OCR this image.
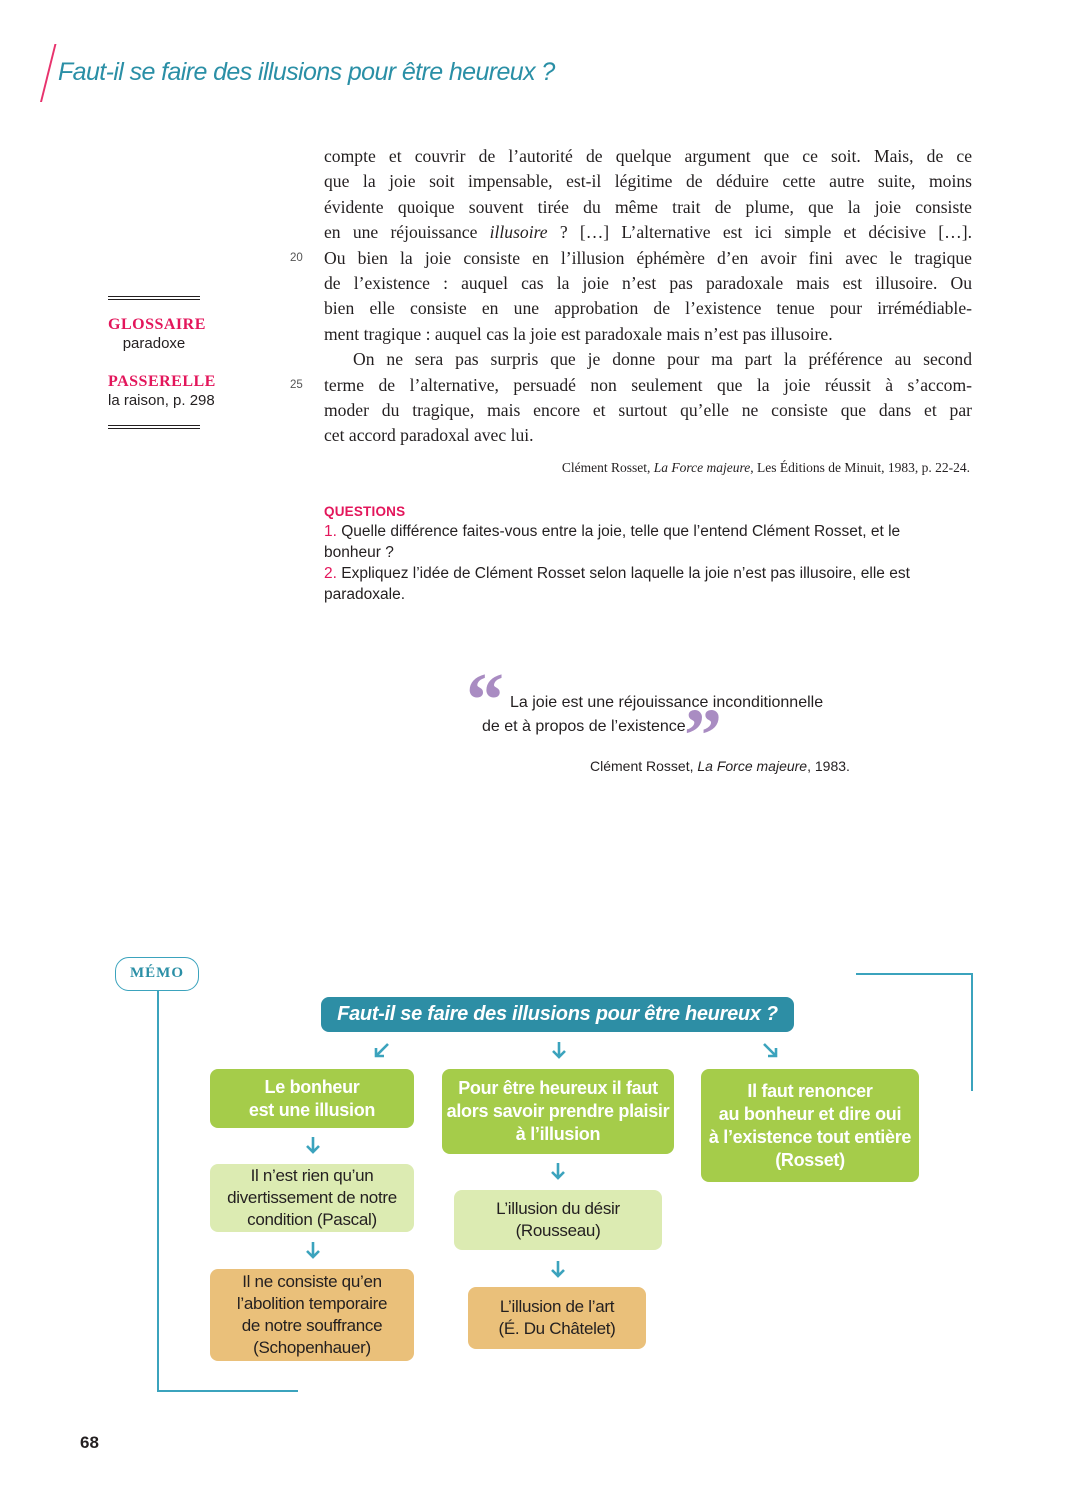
Faut-il se faire des illusions pour être heureux ?
GLOSSAIRE
paradoxe
PASSERELLE
la raison, p. 298
20
25
compte et couvrir de l’autorité de quelque argument que ce soit. Mais, de ce
que la joie soit impensable, est-il légitime de déduire cette autre suite, moins
évidente quoique souvent tirée du même trait de plume, que la joie consiste
en une réjouissance illusoire ? […] L’alternative est ici simple et décisive […].
Ou bien la joie consiste en l’illusion éphémère d’en avoir fini avec le tragique
de l’existence : auquel cas la joie n’est pas paradoxale mais est illusoire. Ou
bien elle consiste en une approbation de l’existence tenue pour irrémédiable-
ment tragique : auquel cas la joie est paradoxale mais n’est pas illusoire.
On ne sera pas surpris que je donne pour ma part la préférence au second
terme de l’alternative, persuadé non seulement que la joie réussit à s’accom-
moder du tragique, mais encore et surtout qu’elle ne consiste que dans et par
cet accord paradoxal avec lui.

Clément Rosset, La Force majeure, Les Éditions de Minuit, 1983, p. 22-24.

QUESTIONS

1. Quelle différence faites-vous entre la joie, telle que l’entend Clément Rosset, et le
bonheur ?

2. Expliquez l’idée de Clément Rosset selon laquelle la joie n’est pas illusoire, elle est
paradoxale.

“ La joie est une réjouissance inconditionnelle
de et à propos de l’existence.
”
Clément Rosset, La Force majeure, 1983.
MÉMO
Faut-il se faire des illusions pour être heureux ?
Le bonheur
est une illusion
Il n’est rien qu’un
divertissement de notre
condition (Pascal)
Il ne consiste qu’en
l’abolition temporaire
de notre souffrance
(Schopenhauer)
Pour être heureux il faut
alors savoir prendre plaisir
à l’illusion
L’illusion du désir
(Rousseau)
L’illusion de l’art
(É. Du Châtelet)
Il faut renoncer
au bonheur et dire oui
à l’existence tout entière
(Rosset)
68
